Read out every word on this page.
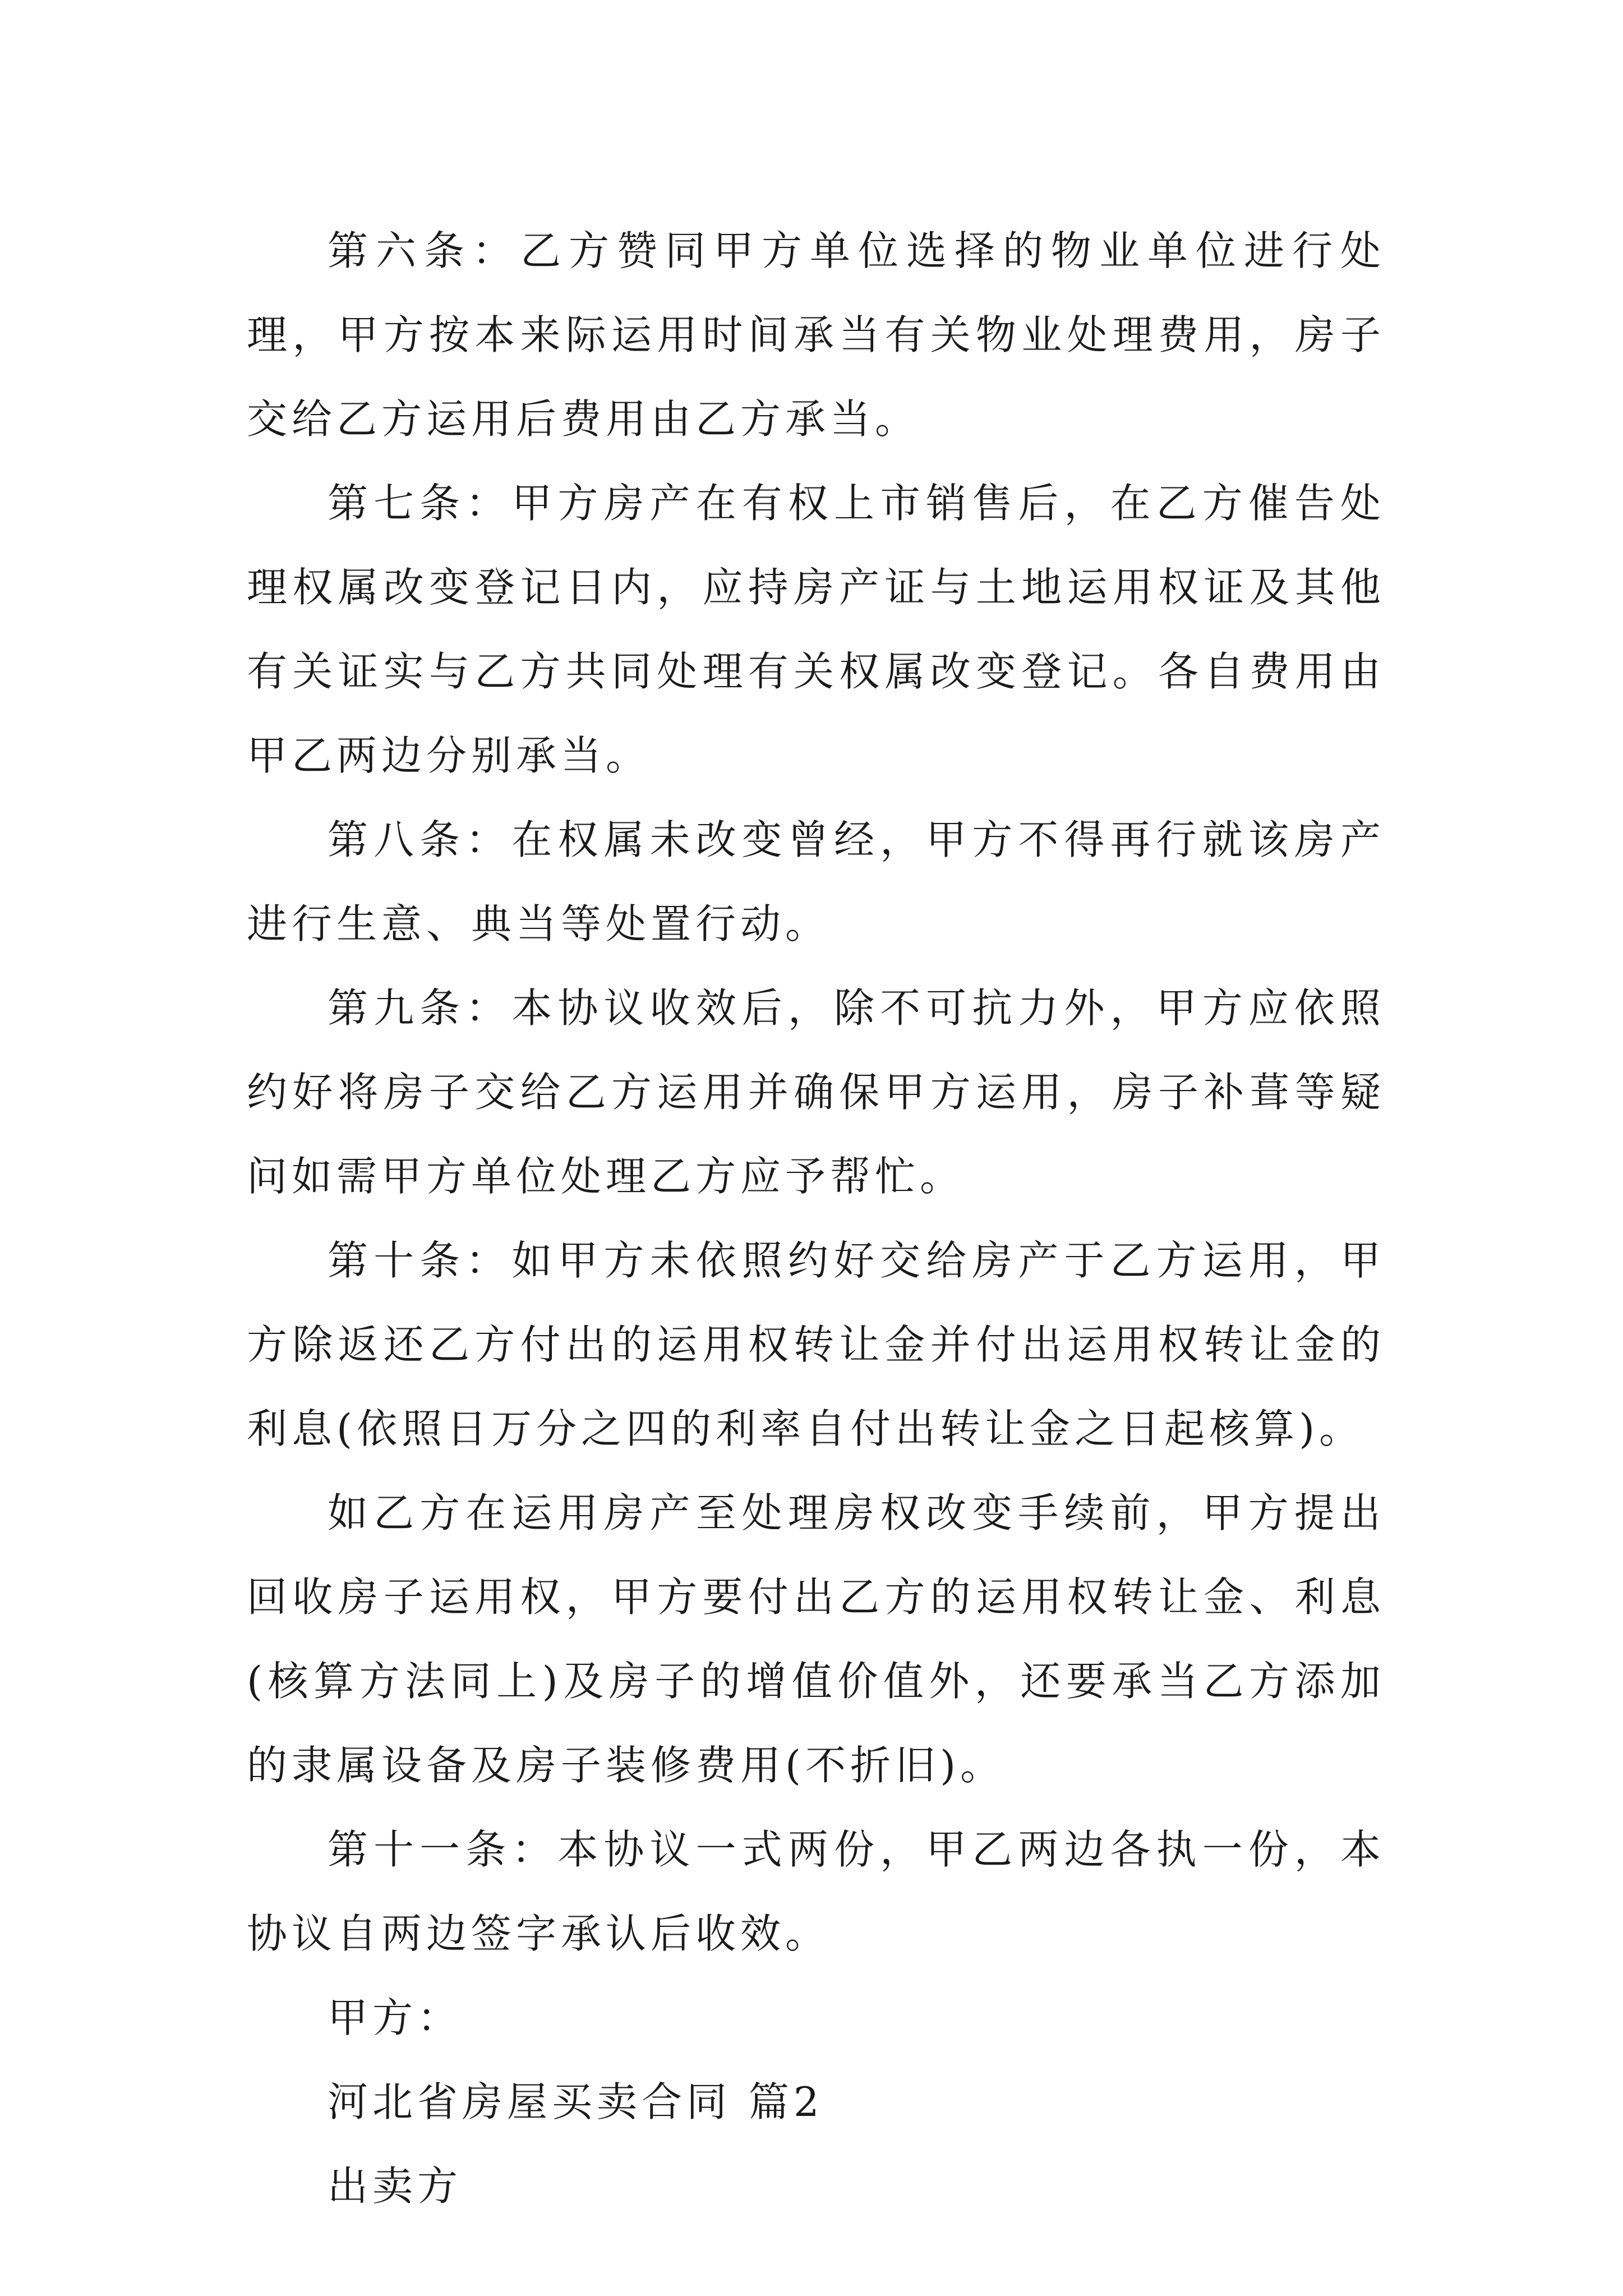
第六条：乙方赞同甲方单位选择的物业单位进行处理，甲方按本来际运用时间承当有关物业处理费用，房子交给乙方运用后费用由乙方承当。

第七条：甲方房产在有权上市销售后，在乙方催告处理权属改变登记日内，应持房产证与土地运用权证及其他有关证实与乙方共同处理有关权属改变登记。各自费用由甲乙两边分别承当。

第八条：在权属未改变曾经，甲方不得再行就该房产进行生意、典当等处置行动。

第九条：本协议收效后，除不可抗力外，甲方应依照约好将房子交给乙方运用并确保甲方运用，房子补葺等疑问如需甲方单位处理乙方应予帮忙。

第十条：如甲方未依照约好交给房产于乙方运用，甲方除返还乙方付出的运用权转让金并付出运用权转让金的利息(依照日万分之四的利率自付出转让金之日起核算)。

如乙方在运用房产至处理房权改变手续前，甲方提出回收房子运用权，甲方要付出乙方的运用权转让金、利息(核算方法同上)及房子的增值价值外，还要承当乙方添加的隶属设备及房子装修费用(不折旧)。

第十一条：本协议一式两份，甲乙两边各执一份，本协议自两边签字承认后收效。

甲方：

河北省房屋买卖合同 篇2

出卖方
